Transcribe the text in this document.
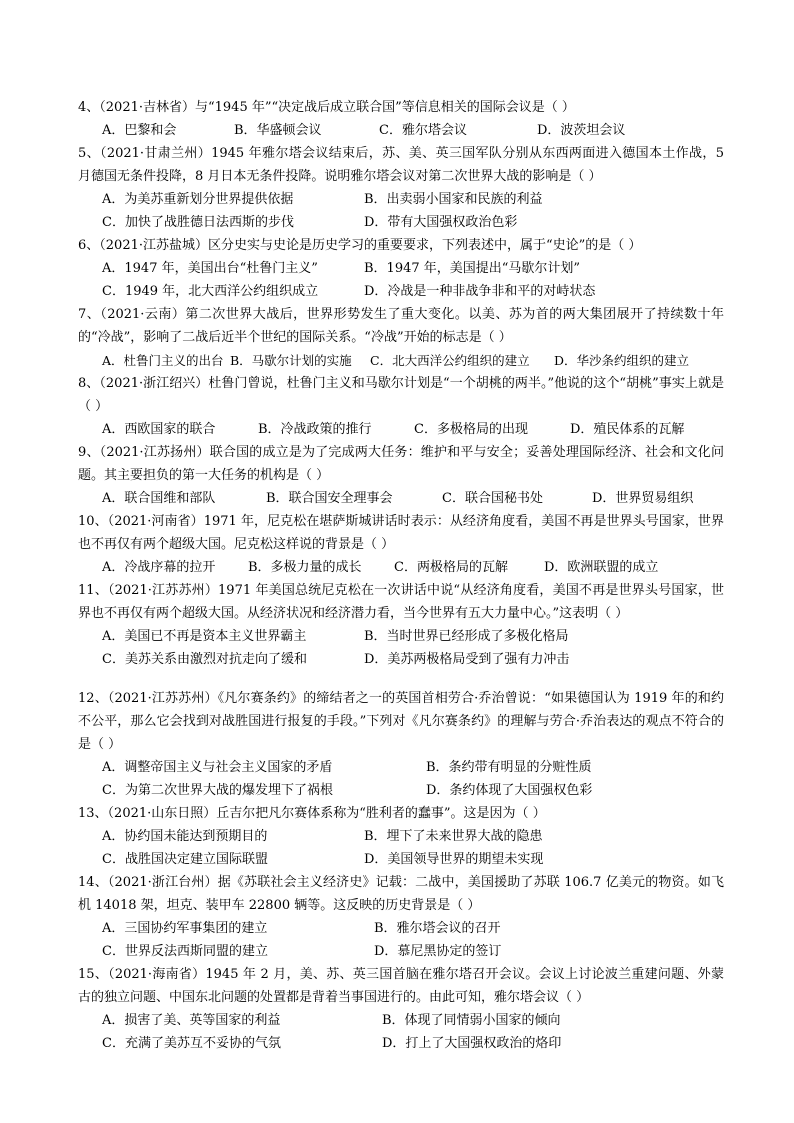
4、（2021·吉林省）与“1945 年”“决定战后成立联合国”等信息相关的国际会议是（ ）
A．巴黎和会	B．华盛顿会议	C．雅尔塔会议	D．波茨坦会议
5、（2021·甘肃兰州）1945 年雅尔塔会议结束后，苏、美、英三国军队分别从东西两面进入德国本土作战，5 月德国无条件投降，8 月日本无条件投降。说明雅尔塔会议对第二次世界大战的影响是（ ）
A．为美苏重新划分世界提供依据	B．出卖弱小国家和民族的利益
C．加快了战胜德日法西斯的步伐	D．带有大国强权政治色彩
6、（2021·江苏盐城）区分史实与史论是历史学习的重要要求，下列表述中，属于“史论”的是（ ）
A．1947 年，美国出台“杜鲁门主义”	B．1947 年，美国提出“马歇尔计划”
C．1949 年，北大西洋公约组织成立	D．冷战是一种非战争非和平的对峙状态
7、（2021·云南）第二次世界大战后，世界形势发生了重大变化。以美、苏为首的两大集团展开了持续数十年的“冷战”，影响了二战后近半个世纪的国际关系。“冷战”开始的标志是（ ）
A．杜鲁门主义的出台 B．马歇尔计划的实施	C．北大西洋公约组织的建立	D．华沙条约组织的建立
8、（2021·浙江绍兴）杜鲁门曾说，杜鲁门主义和马歇尔计划是“一个胡桃的两半。”他说的这个“胡桃”事实上就是（ ）
A．西欧国家的联合	B．冷战政策的推行	C．多极格局的出现	D．殖民体系的瓦解
9、（2021·江苏扬州）联合国的成立是为了完成两大任务：维护和平与安全；妥善处理国际经济、社会和文化问题。其主要担负的第一大任务的机构是（ ）
A．联合国维和部队	B．联合国安全理事会	C．联合国秘书处	D．世界贸易组织
10、（2021·河南省）1971 年，尼克松在堪萨斯城讲话时表示：从经济角度看，美国不再是世界头号国家，世界也不再仅有两个超级大国。尼克松这样说的背景是（ ）
A．冷战序幕的拉开	B．多极力量的成长	C．两极格局的瓦解	D．欧洲联盟的成立
11、（2021·江苏苏州）1971 年美国总统尼克松在一次讲话中说“从经济角度看，美国不再是世界头号国家，世界也不再仅有两个超级大国。从经济状况和经济潜力看，当今世界有五大力量中心。”这表明（ ）
A．美国已不再是资本主义世界霸主	B．当时世界已经形成了多极化格局
C．美苏关系由激烈对抗走向了缓和	D．美苏两极格局受到了强有力冲击
12、（2021·江苏苏州）《凡尔赛条约》的缔结者之一的英国首相劳合·乔治曾说：“如果德国认为 1919 年的和约不公平，那么它会找到对战胜国进行报复的手段。”下列对《凡尔赛条约》的理解与劳合·乔治表达的观点不符合的是（ ）
A．调整帝国主义与社会主义国家的矛盾	B．条约带有明显的分赃性质
C．为第二次世界大战的爆发埋下了祸根	D．条约体现了大国强权色彩
13、（2021·山东日照）丘吉尔把凡尔赛体系称为“胜利者的蠢事”。这是因为（ ）
A．协约国未能达到预期目的	B．埋下了未来世界大战的隐患
C．战胜国决定建立国际联盟	D．美国领导世界的期望未实现
14、（2021·浙江台州）据《苏联社会主义经济史》记载：二战中，美国援助了苏联 106.7 亿美元的物资。如飞机 14018 架，坦克、装甲车 22800 辆等。这反映的历史背景是（ ）
A．三国协约军事集团的建立	B．雅尔塔会议的召开
C．世界反法西斯同盟的建立	D．慕尼黑协定的签订
15、（2021·海南省）1945 年 2 月，美、苏、英三国首脑在雅尔塔召开会议。会议上讨论波兰重建问题、外蒙古的独立问题、中国东北问题的处置都是背着当事国进行的。由此可知，雅尔塔会议（ ）
A．损害了美、英等国家的利益	B．体现了同情弱小国家的倾向
C．充满了美苏互不妥协的气氛	D．打上了大国强权政治的烙印
